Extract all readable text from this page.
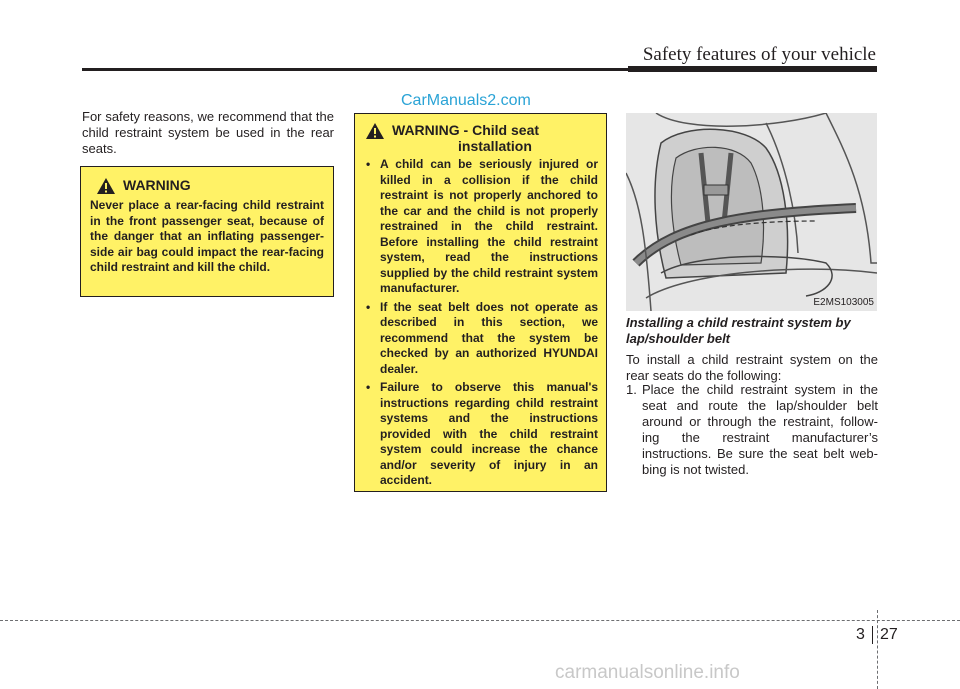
Safety features of your vehicle
CarManuals2.com
For safety reasons, we recommend that the child restraint system be used in the rear seats.
WARNING
Never place a rear-facing child restraint in the front passenger seat, because of the danger that an inflating passenger-side air bag could impact the rear-facing child restraint and kill the child.
WARNING - Child seat
installation
• A child can be seriously injured or killed in a collision if the child restraint is not properly anchored to the car and the child is not properly restrained in the child restraint. Before installing the child restraint system, read the instructions supplied by the child restraint system manufacturer.
• If the seat belt does not operate as described in this section, we recommend that the system be checked by an authorized HYUNDAI dealer.
• Failure to observe this manual's instructions regarding child restraint systems and the instructions provided with the child restraint system could increase the chance and/or severity of injury in an accident.
E2MS103005
Installing a child restraint system by lap/shoulder belt
To install a child restraint system on the rear seats do the following:
1. Place the child restraint system in the seat and route the lap/shoulder belt around or through the restraint, follow-ing the restraint manufacturer’s instructions. Be sure the seat belt web-bing is not twisted.
3 27
carmanualsonline.info
